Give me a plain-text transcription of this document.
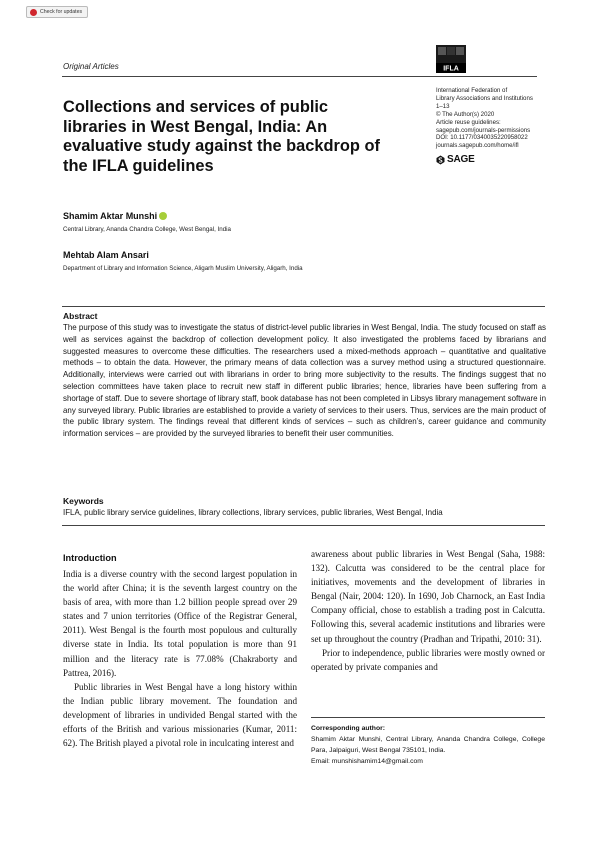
Check for updates
Original Articles	IFLA
International Federation of
Library Associations and Institutions
1–13
© The Author(s) 2020
Article reuse guidelines:
sagepub.com/journals-permissions
DOI: 10.1177/0340035220958022
journals.sagepub.com/home/ifl
SAGE
Collections and services of public libraries in West Bengal, India: An evaluative study against the backdrop of the IFLA guidelines
Shamim Aktar Munshi
Central Library, Ananda Chandra College, West Bengal, India
Mehtab Alam Ansari
Department of Library and Information Science, Aligarh Muslim University, Aligarh, India
Abstract
The purpose of this study was to investigate the status of district-level public libraries in West Bengal, India. The study focused on staff as well as services against the backdrop of collection development policy. It also investigated the problems faced by librarians and suggested measures to overcome these difficulties. The researchers used a mixed-methods approach – quantitative and qualitative methods – to obtain the data. However, the primary means of data collection was a survey method using a structured questionnaire. Additionally, interviews were carried out with librarians in order to bring more subjectivity to the results. The findings suggest that no selection committees have taken place to recruit new staff in different public libraries; hence, libraries have been suffering from a shortage of staff. Due to severe shortage of library staff, book database has not been completed in Libsys library management software in any surveyed library. Public libraries are established to provide a variety of services to their users. Thus, services are the main product of the public library system. The findings reveal that different kinds of services – such as children’s, career guidance and community information services – are provided by the surveyed libraries to benefit their user communities.
Keywords
IFLA, public library service guidelines, library collections, library services, public libraries, West Bengal, India
Introduction

India is a diverse country with the second largest population in the world after China; it is the seventh largest country on the basis of area, with more than 1.2 billion people spread over 29 states and 7 union territories (Office of the Registrar General, 2011). West Bengal is the fourth most populous and culturally diverse state in India. Its total population is more than 91 million and the literacy rate is 77.08% (Chakraborty and Pattrea, 2016).

Public libraries in West Bengal have a long history within the Indian public library movement. The foundation and development of libraries in undivided Bengal started with the efforts of the British and various missionaries (Kumar, 2011: 62). The British played a pivotal role in inculcating interest and

awareness about public libraries in West Bengal (Saha, 1988: 132). Calcutta was considered to be the central place for initiatives, movements and the development of libraries in Bengal (Nair, 2004: 120). In 1690, Job Charnock, an East India Company official, chose to establish a trading post in Calcutta. Following this, several academic institutions and libraries were set up throughout the country (Pradhan and Tripathi, 2010: 31).

Prior to independence, public libraries were mostly owned or operated by private companies and

Corresponding author:
Shamim Aktar Munshi, Central Library, Ananda Chandra College, College Para, Jalpaiguri, West Bengal 735101, India.
Email: munshishamim14@gmail.com
